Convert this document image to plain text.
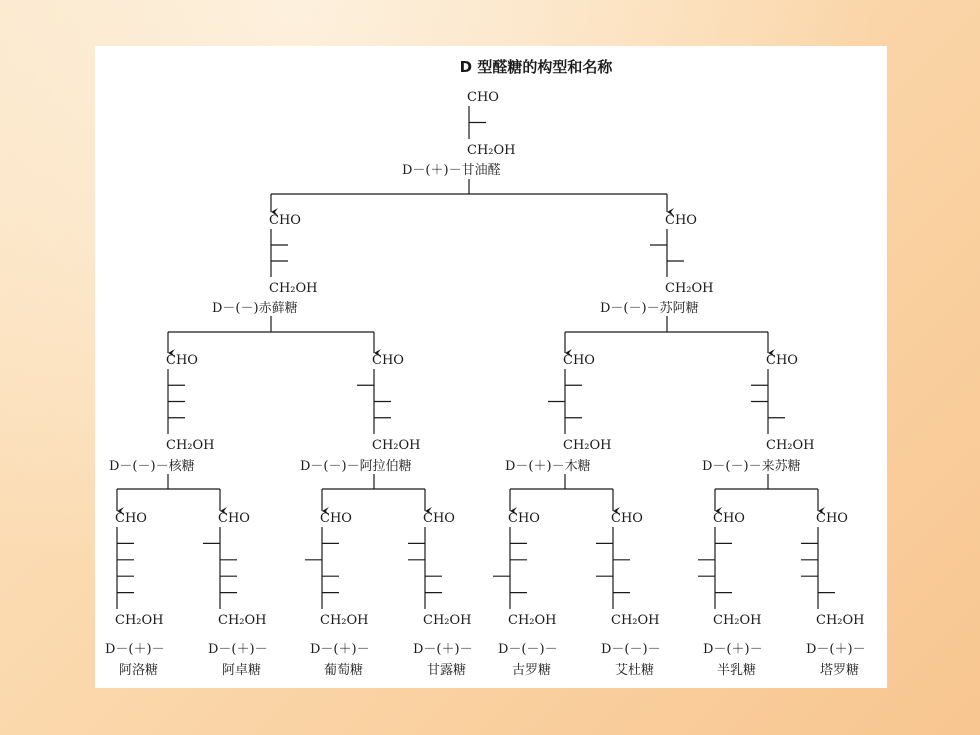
D 型醛糖的构型和名称
CHO
CH₂OH
D－(＋)－甘油醛
CHO
CH₂OH
CHO
CH₂OH
D－(－)赤藓糖	D－(－)－苏阿糖
CHO
CH₂OH
CHO
CH₂OH
CHO
CH₂OH
CHO
CH₂OH
D－(－)－核糖	D－(－)－阿拉伯糖	D－(＋)－木糖	D－(－)－来苏糖
CHO
CH₂OH
D－(＋)－
阿洛糖
CHO
CH₂OH
D－(＋)－
阿卓糖
CHO
CH₂OH
D－(＋)－
葡萄糖
CHO
CH₂OH
D－(＋)－
甘露糖
CHO
CH₂OH
D－(－)－
古罗糖
CHO
CH₂OH
D－(－)－
艾杜糖
CHO
CH₂OH
D－(＋)－
半乳糖
CHO
CH₂OH
D－(＋)－
塔罗糖
